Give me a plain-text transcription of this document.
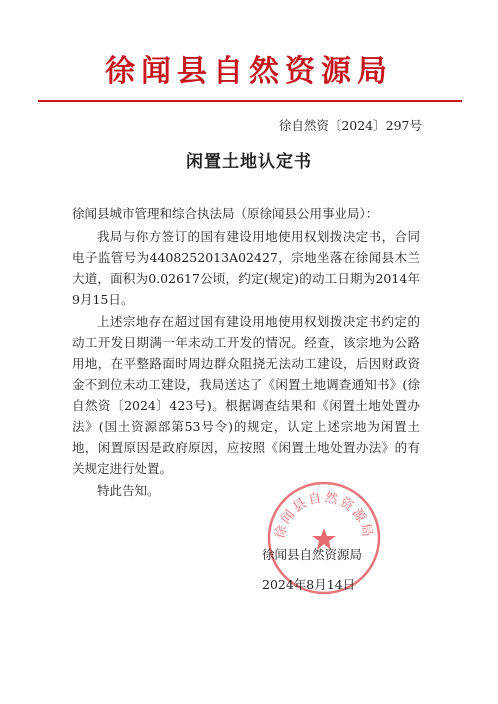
徐闻县自然资源局
徐自然资〔2024〕297号
闲置土地认定书

徐闻县城市管理和综合执法局（原徐闻县公用事业局）：

我局与你方签订的国有建设用地使用权划拨决定书，合同电子监管号为4408252013A02427，宗地坐落在徐闻县木兰大道，面积为0.02617公顷，约定(规定)的动工日期为2014年9月15日。

上述宗地存在超过国有建设用地使用权划拨决定书约定的动工开发日期满一年未动工开发的情况。经查，该宗地为公路用地，在平整路面时周边群众阻挠无法动工建设，后因财政资金不到位未动工建设，我局送达了《闲置土地调查通知书》(徐自然资〔2024〕423号)。根据调查结果和《闲置土地处置办法》(国土资源部第53号令)的规定，认定上述宗地为闲置土地，闲置原因是政府原因，应按照《闲置土地处置办法》的有关规定进行处置。

特此告知。

徐闻县自然资源局
徐闻县自然资源局
2024年8月14日
